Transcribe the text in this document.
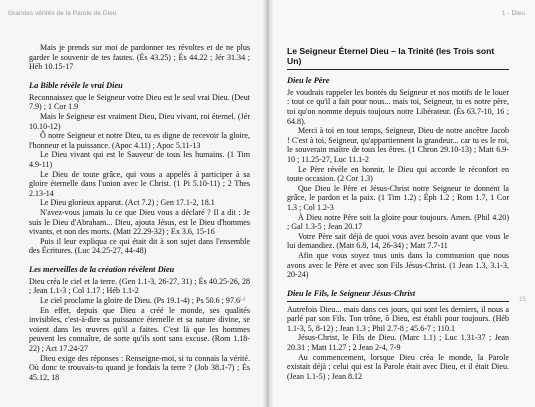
Grandes vérités de la Parole de Dieu
14

Mais je prends sur moi de pardonner tes révoltes et de ne plus garder le souvenir de tes fautes. (És 43.25) ; És 44.22 ; Jér 31.34 ; Héb 10.15-17

La Bible révèle le vrai Dieu

Reconnaissez que le Seigneur votre Dieu est le seul vrai Dieu. (Deut 7.9) ; 1 Cor 1.9

Mais le Seigneur est vraiment Dieu, Dieu vivant, roi éternel. (Jér 10.10-12)

Ô notre Seigneur et notre Dieu, tu es digne de recevoir la gloire, l'honneur et la puissance. (Apoc 4.11) ; Apoc 5.11-13

Le Dieu vivant qui est le Sauveur de tous les humains. (1 Tim 4.9-11)

Le Dieu de toute grâce, qui vous a appelés à participer à sa gloire éternelle dans l'union avec le Christ. (1 Pi 5.10-11) ; 2 Thes 2.13-14

Le Dieu glorieux apparut. (Act 7.2) ; Gen 17.1-2, 18.1

N'avez-vous jamais lu ce que Dieu vous a déclaré ? Il a dit : Je suis le Dieu d'Abraham... Dieu, ajouta Jésus, est le Dieu d'hommes vivants, et non des morts. (Matt 22.29-32) ; Ex 3.6, 15-16

Puis il leur expliqua ce qui était dit à son sujet dans l'ensemble des Écritures. (Luc 24.25-27, 44-48)

Les merveilles de la création révèlent Dieu

Dieu créa le ciel et la terre. (Gen 1.1-3, 26-27, 31) ; És 40.25-26, 28 ; Jean 1.1-3 ; Col 1.17 ; Héb 1.1-2

Le ciel proclame la gloire de Dieu. (Ps 19.1-4) ; Ps 50.6 ; 97.6

En effet, depuis que Dieu a créé le monde, ses qualités invisibles, c'est-à-dire sa puissance éternelle et sa nature divine, se voient dans les œuvres qu'il a faites. C'est là que les hommes peuvent les connaître, de sorte qu'ils sont sans excuse. (Rom 1.18-22) ; Act 17.24-27

Dieu exige des réponses : Renseigne-moi, si tu connais la vérité. Où donc te trouvais-tu quand je fondais la terre ? (Job 38.1-7) ; És 45.12, 18

1 - Dieu
15
Le Seigneur Éternel Dieu – la Trinité (les Trois sont Un)
Dieu le Père

Je voudrais rappeler les bontés du Seigneur et nos motifs de le louer : tout ce qu'il a fait pour nous... mais toi, Seigneur, tu es notre père, toi qu'on nomme depuis toujours notre Libérateur. (És 63.7-10, 16 ; 64.8).

Merci à toi en tout temps, Seigneur, Dieu de notre ancêtre Jacob ! C'est à toi, Seigneur, qu'appartiennent la grandeur... car tu es le roi, le souverain maître de tous les êtres. (1 Chron 29.10-13) ; Matt 6.9-10 ; 11.25-27, Luc 11.1-2

Le Père révèle en honnir, le Dieu qui accorde le réconfort en toute occasion. (2 Cor 1.3)

Que Dieu le Père et Jésus-Christ notre Seigneur te donnent la grâce, le pardon et la paix. (1 Tim 1.2) ; Éph 1.2 ; Rom 1.7, 1 Cor 1.3 ; Col 1.2-3

À Dieu notre Père soit la gloire pour toujours. Amen. (Phil 4.20) ; Gal 1.3-5 ; Jean 20.17

Votre Père sait déjà de quoi vous avez besoin avant que vous le lui demandiez. (Matt 6.8, 14, 26-34) ; Matt 7.7-11

Afin que vous soyez tous unis dans la communion que nous avons avec le Père et avec son Fils Jésus-Christ. (1 Jean 1.3, 3.1-3, 20-24)

Dieu le Fils, le Seigneur Jésus-Christ

Autrefois Dieu... mais dans ces jours, qui sont les derniers, il nous a parlé par son Fils. Ton trône, ô Dieu, est établi pour toujours. (Héb 1.1-3, 5, 8-12) ; Jean 1.3 ; Phil 2.7-8 ; 45.6-7 ; 110.1

Jésus-Christ, le Fils de Dieu. (Marc 1.1) ; Luc 1.31-37 ; Jean 20.31 ; Matt 11.27 ; 2 Jean 2-4, 7-9

Au commencement, lorsque Dieu créa le monde, la Parole existait déjà ; celui qui est la Parole était avec Dieu, et il était Dieu. (Jean 1.1-5) ; Jean 8.12
